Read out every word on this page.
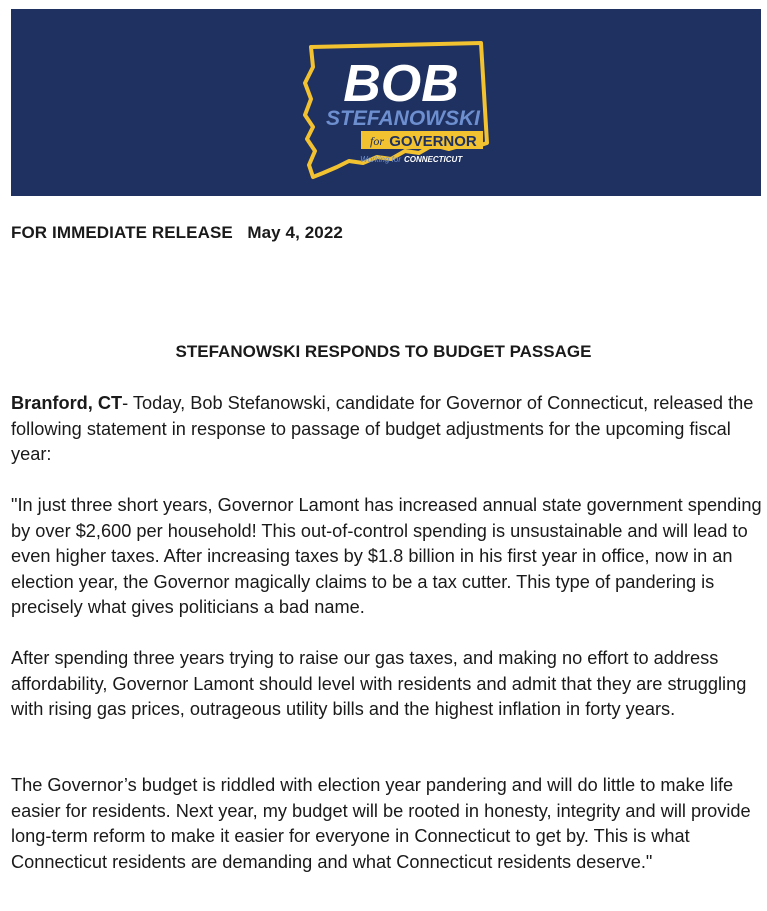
BOB
STEFANOWSKI
for GOVERNOR
Working for CONNECTICUT
FOR IMMEDIATE RELEASE May 4, 2022
STEFANOWSKI RESPONDS TO BUDGET PASSAGE

Branford, CT- Today, Bob Stefanowski, candidate for Governor of Connecticut, released the following statement in response to passage of budget adjustments for the upcoming fiscal year:

"In just three short years, Governor Lamont has increased annual state government spending by over $2,600 per household! This out-of-control spending is unsustainable and will lead to even higher taxes. After increasing taxes by $1.8 billion in his first year in office, now in an election year, the Governor magically claims to be a tax cutter. This type of pandering is precisely what gives politicians a bad name.

After spending three years trying to raise our gas taxes, and making no effort to address affordability, Governor Lamont should level with residents and admit that they are struggling with rising gas prices, outrageous utility bills and the highest inflation in forty years.

The Governor’s budget is riddled with election year pandering and will do little to make life easier for residents. Next year, my budget will be rooted in honesty, integrity and will provide long-term reform to make it easier for everyone in Connecticut to get by. This is what Connecticut residents are demanding and what Connecticut residents deserve."
